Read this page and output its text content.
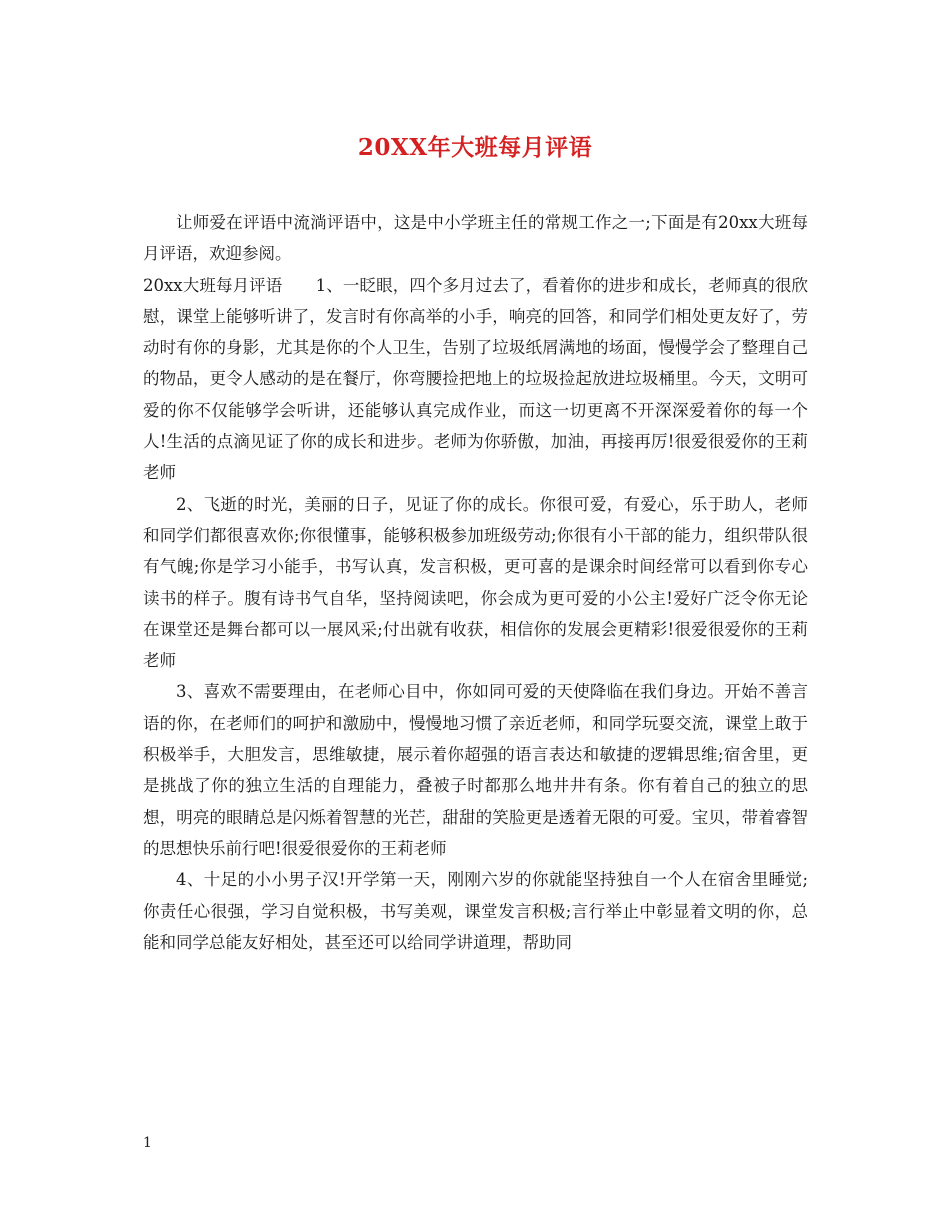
20XX年大班每月评语

让师爱在评语中流淌评语中，这是中小学班主任的常规工作之一;下面是有20xx大班每月评语，欢迎参阅。

20xx大班每月评语　　1、一眨眼，四个多月过去了，看着你的进步和成长，老师真的很欣慰，课堂上能够听讲了，发言时有你高举的小手，响亮的回答，和同学们相处更友好了，劳动时有你的身影，尤其是你的个人卫生，告别了垃圾纸屑满地的场面，慢慢学会了整理自己的物品，更令人感动的是在餐厅，你弯腰捡把地上的垃圾捡起放进垃圾桶里。今天，文明可爱的你不仅能够学会听讲，还能够认真完成作业，而这一切更离不开深深爱着你的每一个人!生活的点滴见证了你的成长和进步。老师为你骄傲，加油，再接再厉!很爱很爱你的王莉老师

2、飞逝的时光，美丽的日子，见证了你的成长。你很可爱，有爱心，乐于助人，老师和同学们都很喜欢你;你很懂事，能够积极参加班级劳动;你很有小干部的能力，组织带队很有气魄;你是学习小能手，书写认真，发言积极，更可喜的是课余时间经常可以看到你专心读书的样子。腹有诗书气自华，坚持阅读吧，你会成为更可爱的小公主!爱好广泛令你无论在课堂还是舞台都可以一展风采;付出就有收获，相信你的发展会更精彩!很爱很爱你的王莉老师

3、喜欢不需要理由，在老师心目中，你如同可爱的天使降临在我们身边。开始不善言语的你，在老师们的呵护和激励中，慢慢地习惯了亲近老师，和同学玩耍交流，课堂上敢于积极举手，大胆发言，思维敏捷，展示着你超强的语言表达和敏捷的逻辑思维;宿舍里，更是挑战了你的独立生活的自理能力，叠被子时都那么地井井有条。你有着自己的独立的思想，明亮的眼睛总是闪烁着智慧的光芒，甜甜的笑脸更是透着无限的可爱。宝贝，带着睿智的思想快乐前行吧!很爱很爱你的王莉老师

4、十足的小小男子汉!开学第一天，刚刚六岁的你就能坚持独自一个人在宿舍里睡觉;你责任心很强，学习自觉积极，书写美观，课堂发言积极;言行举止中彰显着文明的你，总能和同学总能友好相处，甚至还可以给同学讲道理，帮助同

1
